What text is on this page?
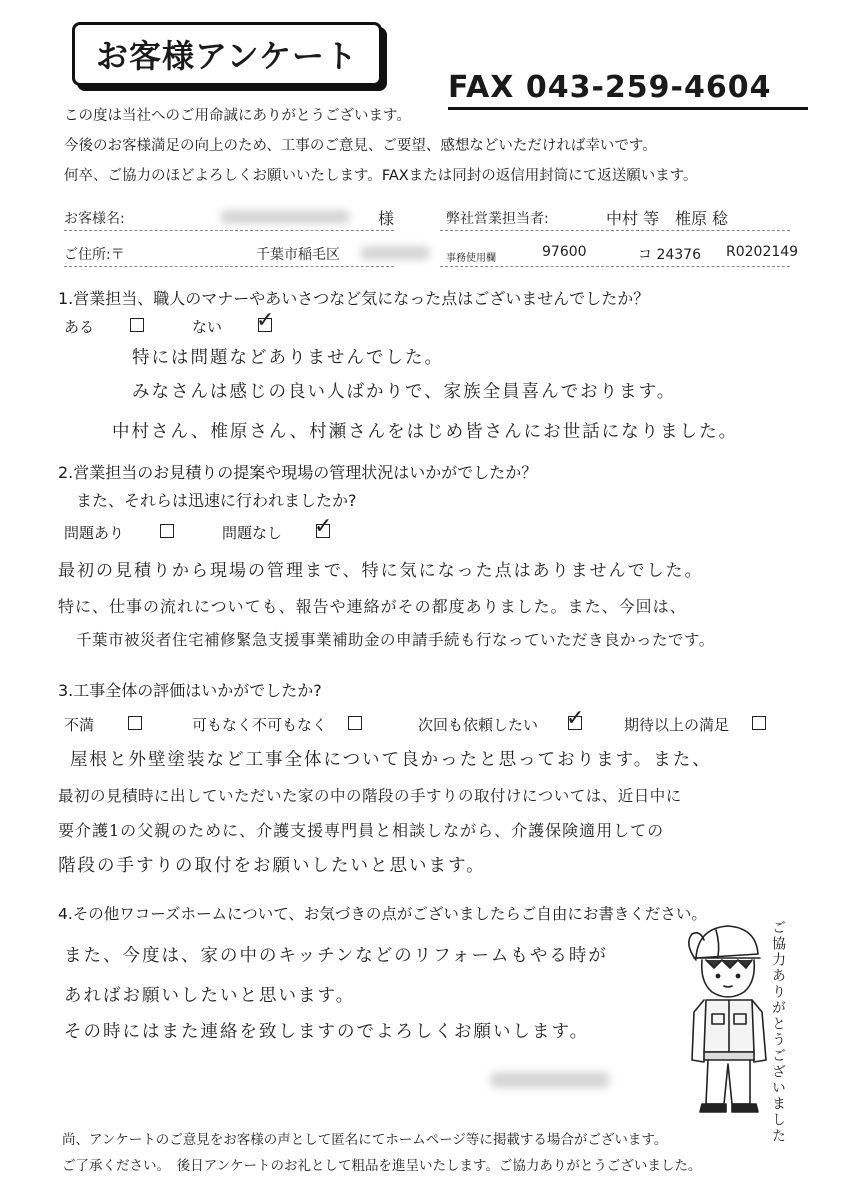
お客様アンケート
FAX 043-259-4604
この度は当社へのご用命誠にありがとうございます。
今後のお客様満足の向上のため、工事のご意見、ご要望、感想などいただければ幸いです。
何卒、ご協力のほどよろしくお願いいたします。FAXまたは同封の返信用封筒にて返送願います。
お客様名:	様	弊社営業担当者:	中村 等　椎原 稔
ご住所:〒	千葉市稲毛区	事務使用欄	97600	コ 24376 R0202149
1.営業担当、職人のマナーやあいさつなど気になった点はございませんでしたか？
ある	ない ✓
特には問題などありませんでした。
みなさんは感じの良い人ばかりで、家族全員喜んでおります。
中村さん、椎原さん、村瀬さんをはじめ皆さんにお世話になりました。
2.営業担当のお見積りの提案や現場の管理状況はいかがでしたか？
また、それらは迅速に行われましたか?
問題あり	問題なし ✓
最初の見積りから現場の管理まで、特に気になった点はありませんでした。
特に、仕事の流れについても、報告や連絡がその都度ありました。また、今回は、
千葉市被災者住宅補修緊急支援事業補助金の申請手続も行なっていただき良かったです。
3.工事全体の評価はいかがでしたか?
不満	可もなく不可もなく	次回も依頼したい ✓	期待以上の満足
屋根と外壁塗装など工事全体について良かったと思っております。また、
最初の見積時に出していただいた家の中の階段の手すりの取付けについては、近日中に
要介護1の父親のために、介護支援専門員と相談しながら、介護保険適用しての
階段の手すりの取付をお願いしたいと思います。
4.その他ワコーズホームについて、お気づきの点がございましたらご自由にお書きください。
また、今度は、家の中のキッチンなどのリフォームもやる時が
あればお願いしたいと思います。
その時にはまた連絡を致しますのでよろしくお願いします。	ご協力ありがとうございました
尚、アンケートのご意見をお客様の声として匿名にてホームページ等に掲載する場合がございます。
ご了承ください。　後日アンケートのお礼として粗品を進呈いたします。ご協力ありがとうございました。
